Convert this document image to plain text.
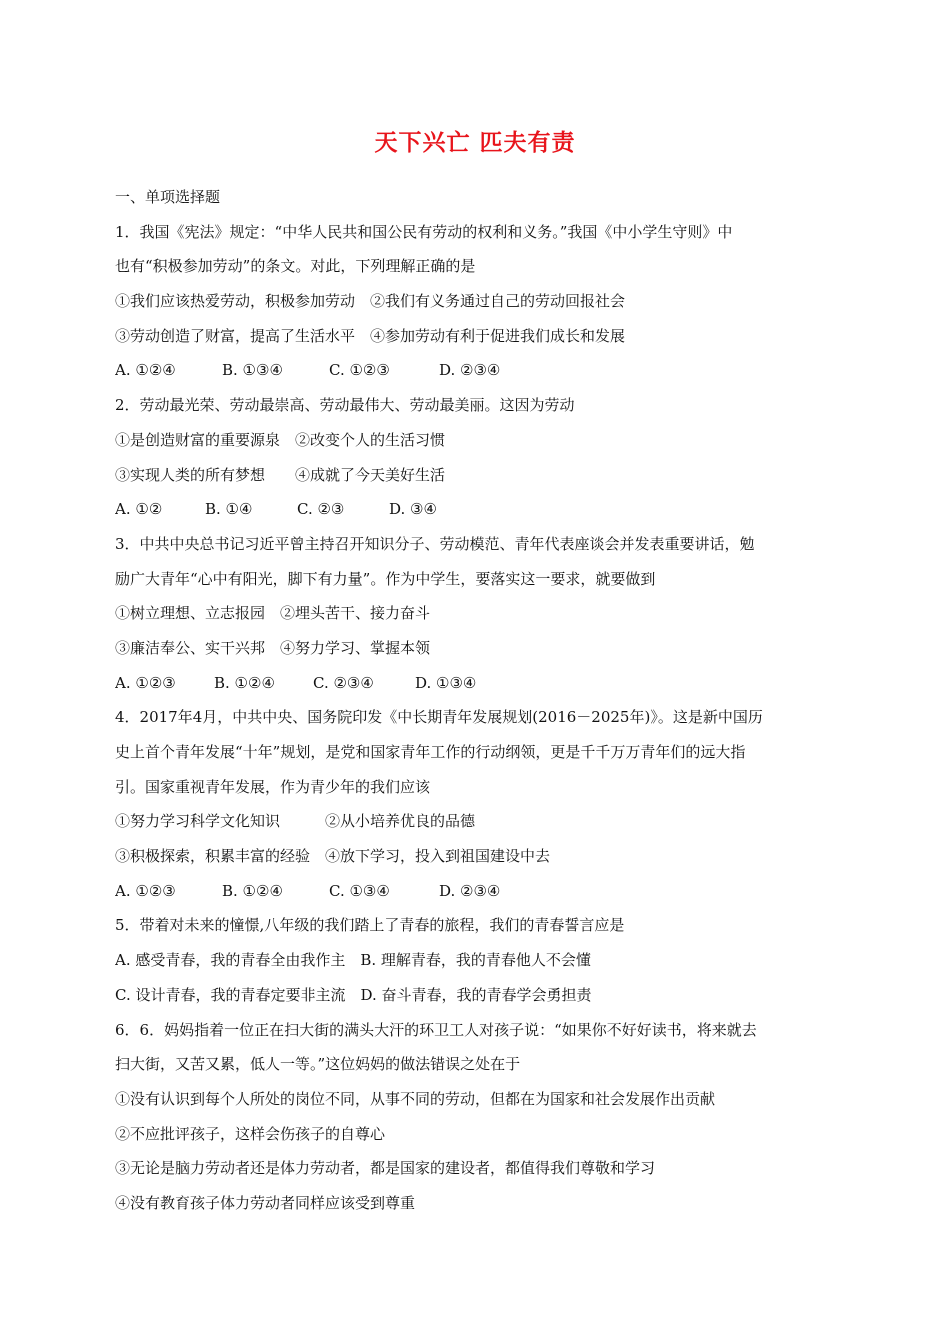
天下兴亡 匹夫有责
一、单项选择题
1．我国《宪法》规定：“中华人民共和国公民有劳动的权利和义务。”我国《中小学生守则》中
也有“积极参加劳动”的条文。对此，下列理解正确的是
①我们应该热爱劳动，积极参加劳动　②我们有义务通过自己的劳动回报社会
③劳动创造了财富，提高了生活水平　④参加劳动有利于促进我们成长和发展
A. ①②④	B. ①③④	C. ①②③	D. ②③④
2．劳动最光荣、劳动最崇高、劳动最伟大、劳动最美丽。这因为劳动
①是创造财富的重要源泉　②改变个人的生活习惯
③实现人类的所有梦想　　④成就了今天美好生活
A. ①②	B. ①④	C. ②③	D. ③④
3．中共中央总书记习近平曾主持召开知识分子、劳动模范、青年代表座谈会并发表重要讲话，勉
励广大青年“心中有阳光，脚下有力量”。作为中学生，要落实这一要求，就要做到
①树立理想、立志报园　②埋头苦干、接力奋斗
③廉洁奉公、实干兴邦　④努力学习、掌握本领
A. ①②③	B. ①②④	C. ②③④	D. ①③④
4．2017年4月，中共中央、国务院印发《中长期青年发展规划(2016－2025年)》。这是新中国历
史上首个青年发展“十年”规划，是党和国家青年工作的行动纲领，更是千千万万青年们的远大指
引。国家重视青年发展，作为青少年的我们应该
①努力学习科学文化知识　　　②从小培养优良的品德
③积极探索，积累丰富的经验　④放下学习，投入到祖国建设中去
A. ①②③	B. ①②④	C. ①③④	D. ②③④
5．带着对未来的憧憬,八年级的我们踏上了青春的旅程，我们的青春誓言应是
A. 感受青春，我的青春全由我作主　B. 理解青春，我的青春他人不会懂
C. 设计青春，我的青春定要非主流　D. 奋斗青春，我的青春学会勇担责
6．6．妈妈指着一位正在扫大街的满头大汗的环卫工人对孩子说：“如果你不好好读书，将来就去
扫大街，又苦又累，低人一等。”这位妈妈的做法错误之处在于
①没有认识到每个人所处的岗位不同，从事不同的劳动，但都在为国家和社会发展作出贡献
②不应批评孩子，这样会伤孩子的自尊心
③无论是脑力劳动者还是体力劳动者，都是国家的建设者，都值得我们尊敬和学习
④没有教育孩子体力劳动者同样应该受到尊重
